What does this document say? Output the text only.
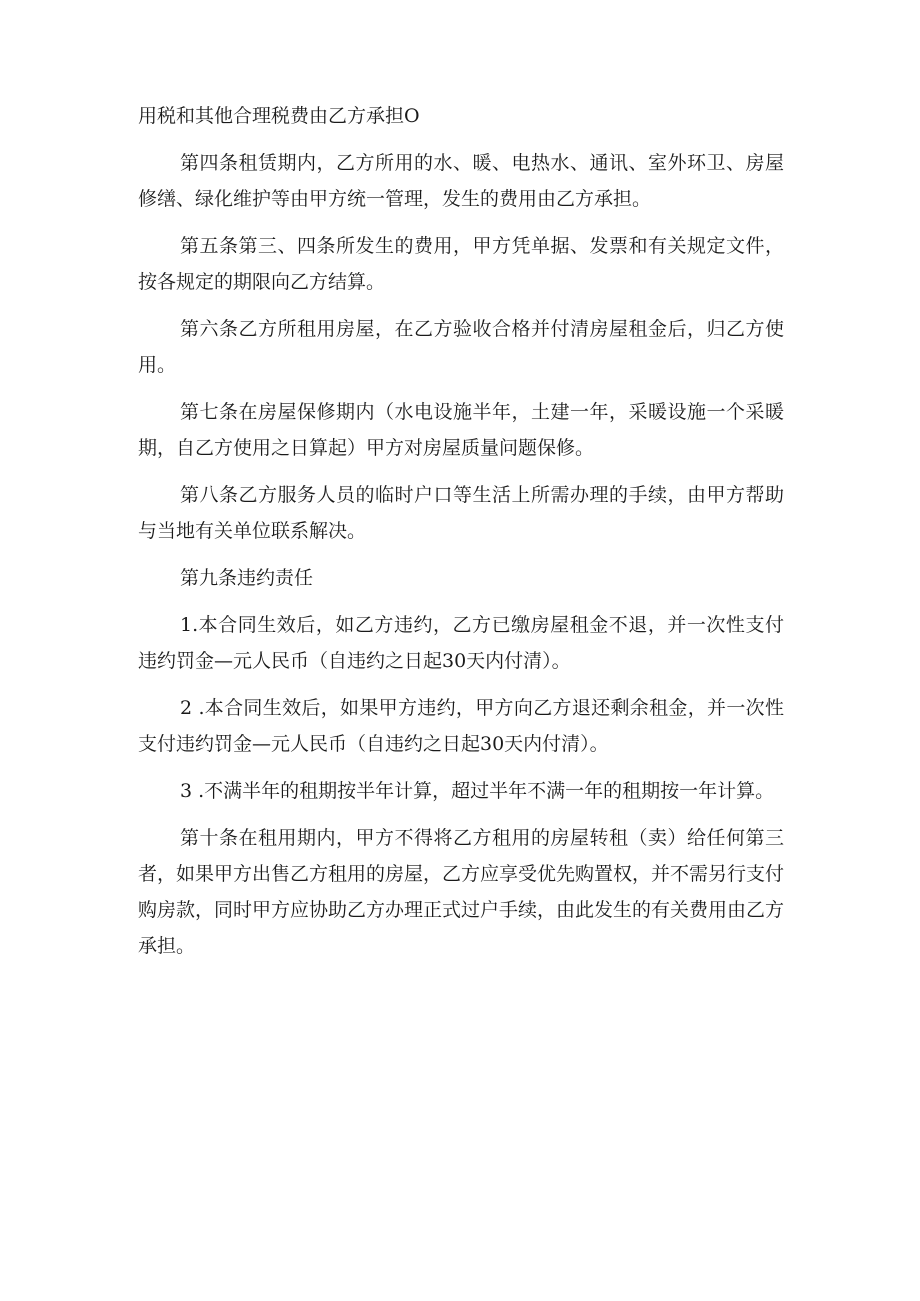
用税和其他合理税费由乙方承担O

第四条租赁期内，乙方所用的水、暖、电热水、通讯、室外环卫、房屋修缮、绿化维护等由甲方统一管理，发生的费用由乙方承担。

第五条第三、四条所发生的费用，甲方凭单据、发票和有关规定文件，按各规定的期限向乙方结算。

第六条乙方所租用房屋，在乙方验收合格并付清房屋租金后，归乙方使用。

第七条在房屋保修期内（水电设施半年，土建一年，采暖设施一个采暖期，自乙方使用之日算起）甲方对房屋质量问题保修。

第八条乙方服务人员的临时户口等生活上所需办理的手续，由甲方帮助与当地有关单位联系解决。

第九条违约责任

1.本合同生效后，如乙方违约，乙方已缴房屋租金不退，并一次性支付违约罚金—元人民币（自违约之日起30天内付清）。

2 .本合同生效后，如果甲方违约，甲方向乙方退还剩余租金，并一次性支付违约罚金—元人民币（自违约之日起30天内付清）。

3 .不满半年的租期按半年计算，超过半年不满一年的租期按一年计算。

第十条在租用期内，甲方不得将乙方租用的房屋转租（卖）给任何第三者，如果甲方出售乙方租用的房屋，乙方应享受优先购置权，并不需另行支付购房款，同时甲方应协助乙方办理正式过户手续，由此发生的有关费用由乙方承担。
